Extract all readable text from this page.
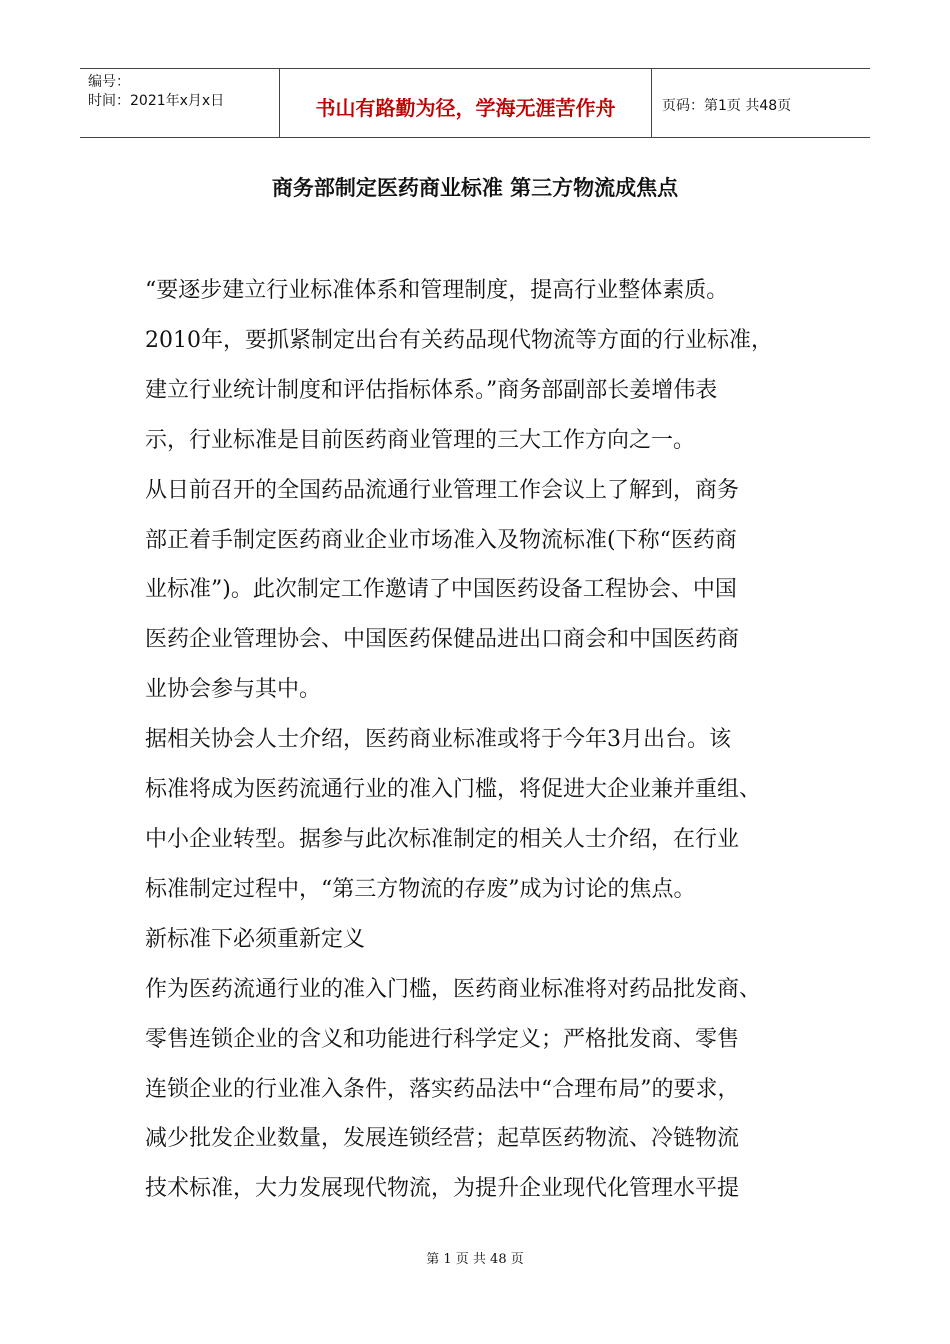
编号：
时间：2021年x月x日	书山有路勤为径，学海无涯苦作舟	页码：第1页 共48页
商务部制定医药商业标准 第三方物流成焦点

“要逐步建立行业标准体系和管理制度，提高行业整体素质。
2010年，要抓紧制定出台有关药品现代物流等方面的行业标准，
建立行业统计制度和评估指标体系。”商务部副部长姜增伟表
示，行业标准是目前医药商业管理的三大工作方向之一。

从日前召开的全国药品流通行业管理工作会议上了解到，商务
部正着手制定医药商业企业市场准入及物流标准(下称“医药商
业标准”)。此次制定工作邀请了中国医药设备工程协会、中国
医药企业管理协会、中国医药保健品进出口商会和中国医药商
业协会参与其中。

据相关协会人士介绍，医药商业标准或将于今年3月出台。该
标准将成为医药流通行业的准入门槛，将促进大企业兼并重组、
中小企业转型。据参与此次标准制定的相关人士介绍，在行业
标准制定过程中，“第三方物流的存废”成为讨论的焦点。

新标准下必须重新定义

作为医药流通行业的准入门槛，医药商业标准将对药品批发商、
零售连锁企业的含义和功能进行科学定义；严格批发商、零售
连锁企业的行业准入条件，落实药品法中“合理布局”的要求，
减少批发企业数量，发展连锁经营；起草医药物流、冷链物流
技术标准，大力发展现代物流，为提升企业现代化管理水平提

第 1 页 共 48 页
